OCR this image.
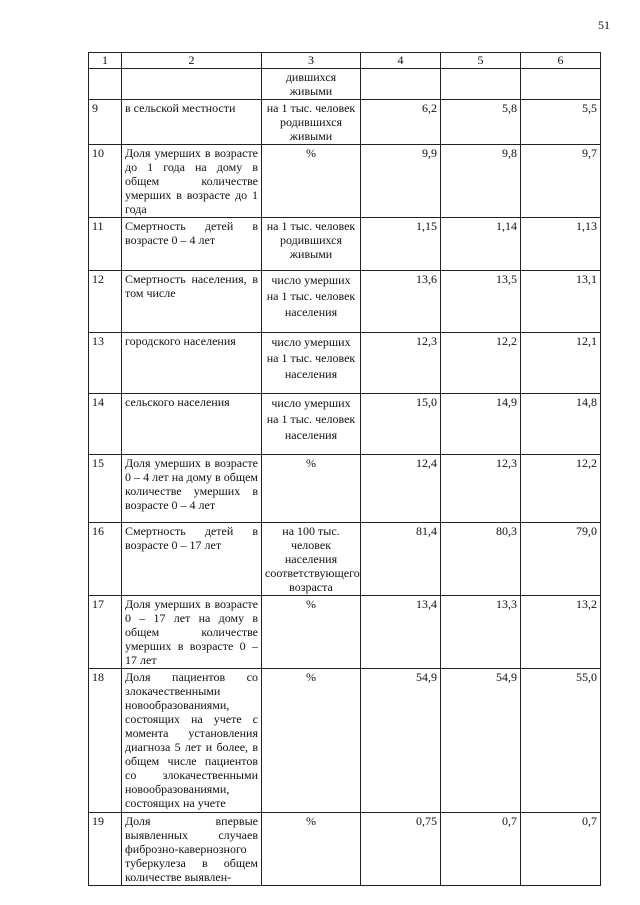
51
1	2	3	4	5	6
		дившихся живыми			
9	в сельской местности	на 1 тыс. человек родившихся живыми	6,2	5,8	5,5
10	Доля умерших в возрасте до 1 года на дому в общем количестве умерших в возрасте до 1 года	%	9,9	9,8	9,7
11	Смертность детей в возрасте 0 – 4 лет	на 1 тыс. человек родившихся живыми	1,15	1,14	1,13
12	Смертность населения, в том числе	число умерших на 1 тыс. человек населения	13,6	13,5	13,1
13	городского населения	число умерших на 1 тыс. человек населения	12,3	12,2	12,1
14	сельского населения	число умерших на 1 тыс. человек населения	15,0	14,9	14,8
15	Доля умерших в возрасте 0 – 4 лет на дому в общем количестве умерших в возрасте 0 – 4 лет	%	12,4	12,3	12,2
16	Смертность детей в возрасте 0 – 17 лет	на 100 тыс. человек населения соответствующего возраста	81,4	80,3	79,0
17	Доля умерших в возрасте 0 – 17 лет на дому в общем количестве умерших в возрасте 0 – 17 лет	%	13,4	13,3	13,2
18	Доля пациентов со злокачественными новообразованиями, состоящих на учете с момента установления диагноза 5 лет и более, в общем числе пациентов со злокачественными новообразованиями, состоящих на учете	%	54,9	54,9	55,0
19	Доля впервые выявленных случаев фиброзно-кавернозного туберкулеза в общем количестве выявлен-	%	0,75	0,7	0,7
